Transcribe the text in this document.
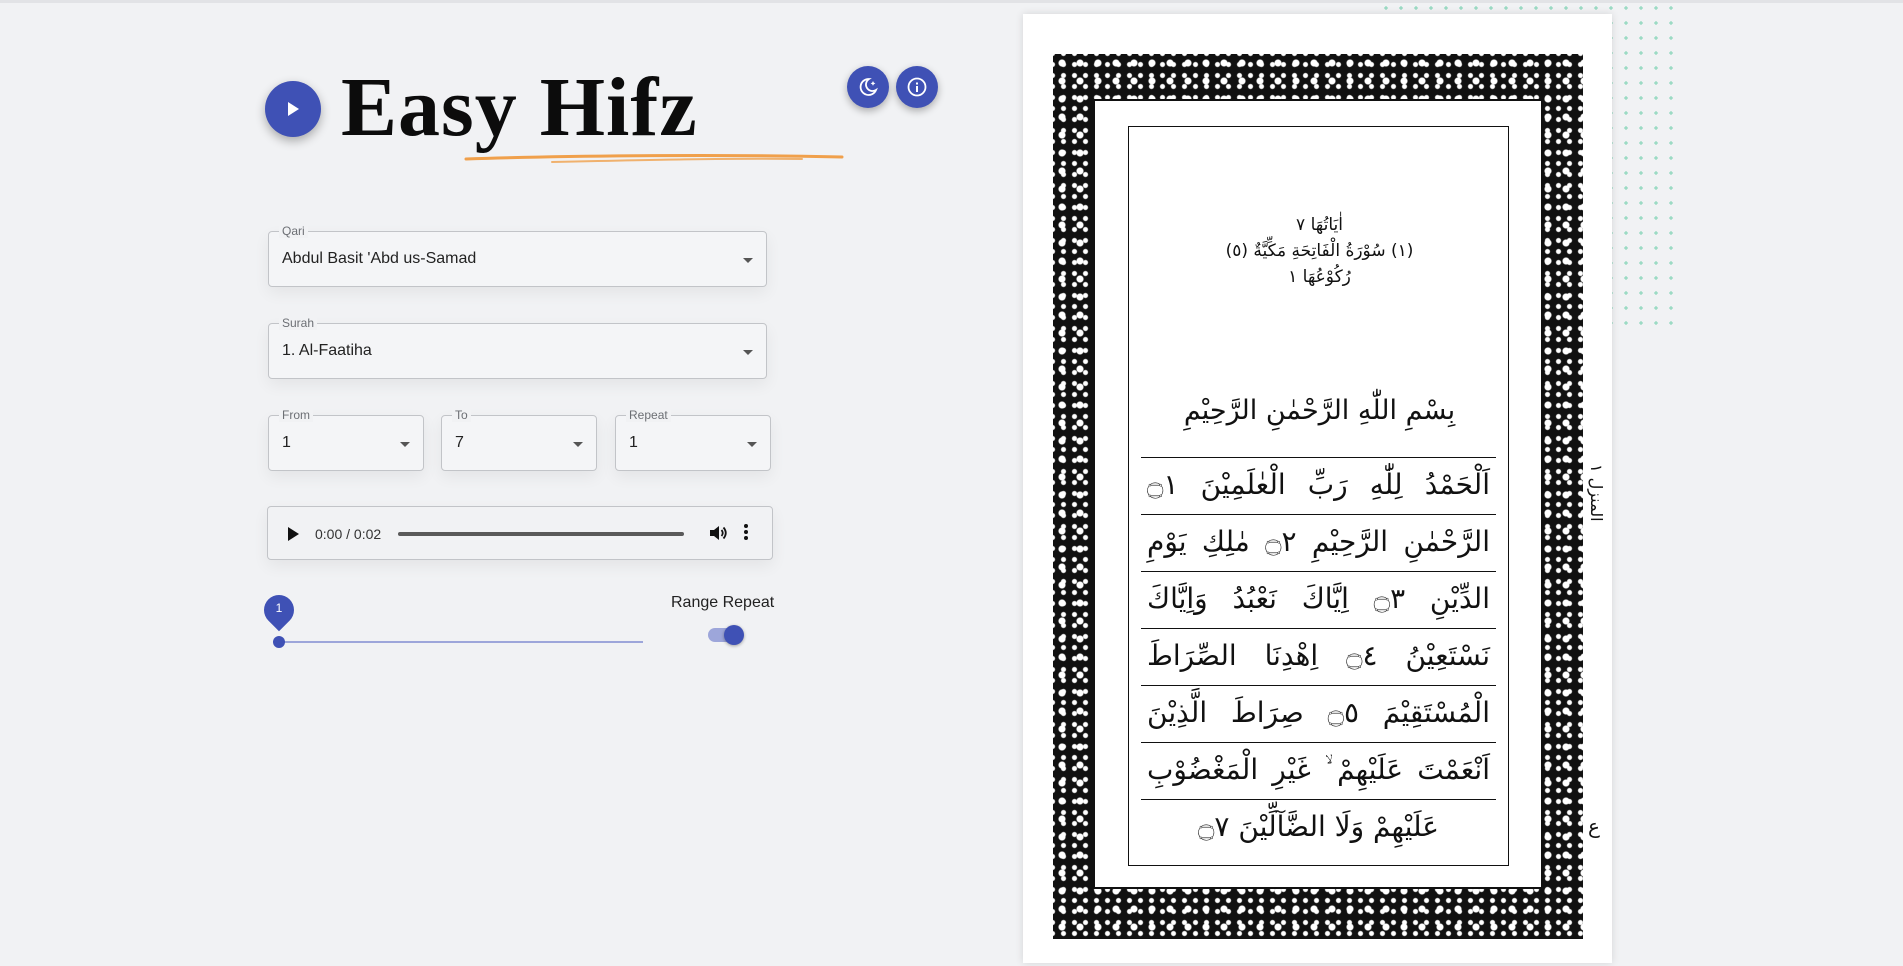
Easy Hifz
Qari
Abdul Basit 'Abd us-Samad
Surah
1. Al-Faatiha
From
1
To
7
Repeat
1
0:00 / 0:02
1	Range Repeat
اٰيَاتُهَا ٧
(١) سُوْرَةُ الْفَاتِحَةِ مَكِّيَّةٌ (٥)
رُكُوْعُهَا ١
بِسْمِ اللّٰهِ الرَّحْمٰنِ الرَّحِيْمِ
اَلْحَمْدُ لِلّٰهِ رَبِّ الْعٰلَمِيْنَ ۝١
الرَّحْمٰنِ الرَّحِيْمِ ۝٢ مٰلِكِ يَوْمِ
الدِّيْنِ ۝٣ اِيَّاكَ نَعْبُدُ وَاِيَّاكَ
نَسْتَعِيْنُ ۝٤ اِهْدِنَا الصِّرَاطَ
الْمُسْتَقِيْمَ ۝٥ صِرَاطَ الَّذِيْنَ
اَنْعَمْتَ عَلَيْهِمْ ۙ غَيْرِ الْمَغْضُوْبِ
عَلَيْهِمْ وَلَا الضَّآلِّيْنَ ۝٧
المنزل ١
ع
